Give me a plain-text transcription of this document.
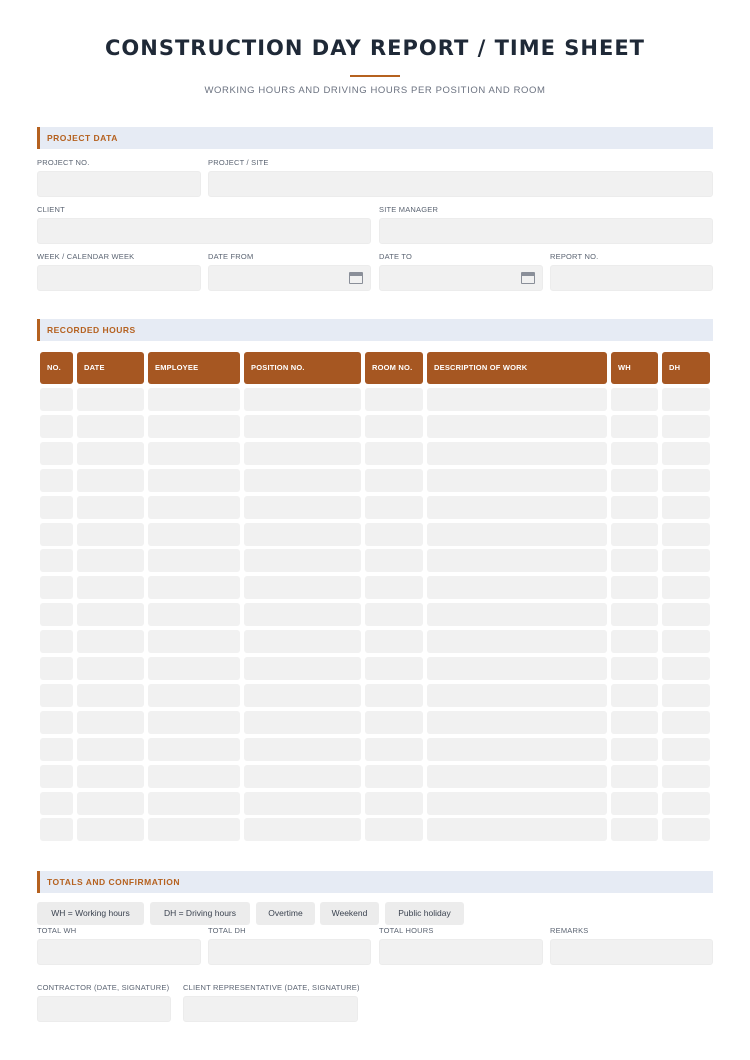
CONSTRUCTION DAY REPORT / TIME SHEET
WORKING HOURS AND DRIVING HOURS PER POSITION AND ROOM
PROJECT DATA
PROJECT NO.	PROJECT / SITE
CLIENT	SITE MANAGER
WEEK / CALENDAR WEEK	DATE FROM	DATE TO	REPORT NO.
RECORDED HOURS
NO.	DATE	EMPLOYEE	POSITION NO.	ROOM NO.	DESCRIPTION OF WORK	WH	DH
TOTALS AND CONFIRMATION
WH = Working hours	DH = Driving hours	Overtime	Weekend	Public holiday
TOTAL WH	TOTAL DH	TOTAL HOURS	REMARKS
CONTRACTOR (DATE, SIGNATURE) CLIENT REPRESENTATIVE (DATE, SIGNATURE)
